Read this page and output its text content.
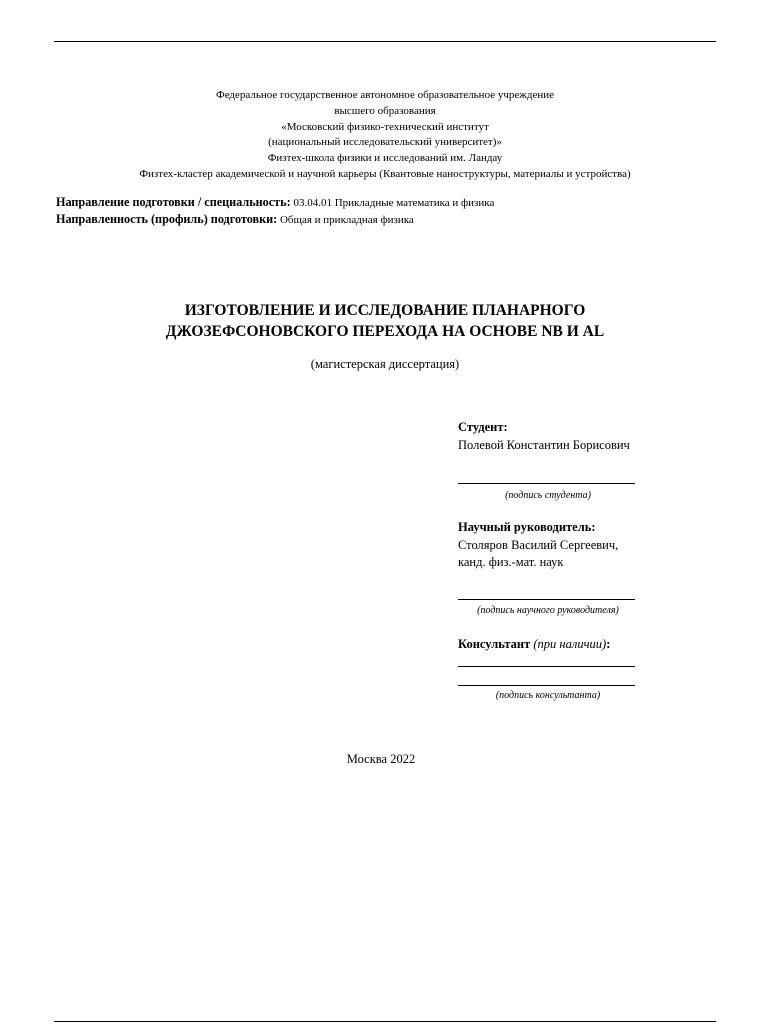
Федеральное государственное автономное образовательное учреждение
высшего образования
«Московский физико-технический институт
(национальный исследовательский университет)»
Физтех-школа физики и исследований им. Ландау
Физтех-кластер академической и научной карьеры (Квантовые наноструктуры, материалы и устройства)
Направление подготовки / специальность: 03.04.01 Прикладные математика и физика
Направленность (профиль) подготовки: Общая и прикладная физика
ИЗГОТОВЛЕНИЕ И ИССЛЕДОВАНИЕ ПЛАНАРНОГО
ДЖОЗЕФСОНОВСКОГО ПЕРЕХОДА НА ОСНОВЕ NB И AL
(магистерская диссертация)
Студент:
Полевой Константин Борисович
(подпись студента)
Научный руководитель:
Столяров Василий Сергеевич,
канд. физ.-мат. наук
(подпись научного руководителя)
Консультант (при наличии):
(подпись консультанта)
Москва 2022
